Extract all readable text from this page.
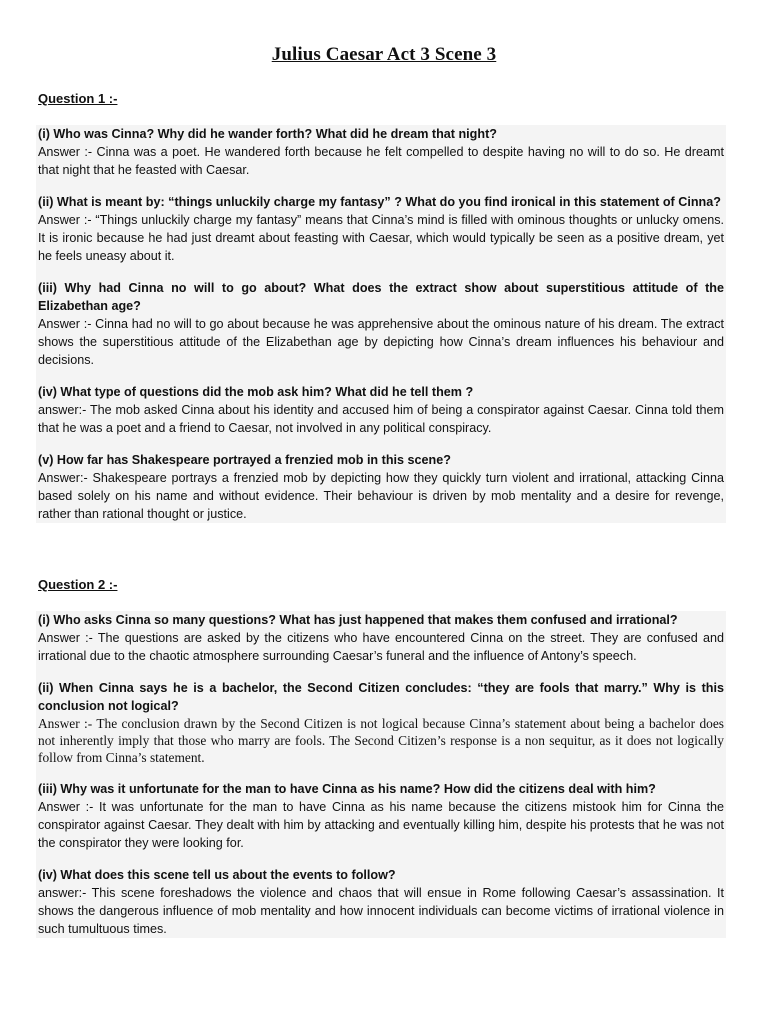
Julius Caesar Act 3 Scene 3
Question 1 :-
(i) Who was Cinna? Why did he wander forth? What did he dream that night?
Answer :- Cinna was a poet. He wandered forth because he felt compelled to despite having no will to do so. He dreamt that night that he feasted with Caesar.
(ii) What is meant by: “things unluckily charge my fantasy” ? What do you find ironical in this statement of Cinna?
Answer :- “Things unluckily charge my fantasy” means that Cinna’s mind is filled with ominous thoughts or unlucky omens. It is ironic because he had just dreamt about feasting with Caesar, which would typically be seen as a positive dream, yet he feels uneasy about it.
(iii) Why had Cinna no will to go about? What does the extract show about superstitious attitude of the Elizabethan age?
Answer :- Cinna had no will to go about because he was apprehensive about the ominous nature of his dream. The extract shows the superstitious attitude of the Elizabethan age by depicting how Cinna’s dream influences his behaviour and decisions.
(iv) What type of questions did the mob ask him? What did he tell them ?
answer:- The mob asked Cinna about his identity and accused him of being a conspirator against Caesar. Cinna told them that he was a poet and a friend to Caesar, not involved in any political conspiracy.
(v) How far has Shakespeare portrayed a frenzied mob in this scene?
Answer:- Shakespeare portrays a frenzied mob by depicting how they quickly turn violent and irrational, attacking Cinna based solely on his name and without evidence. Their behaviour is driven by mob mentality and a desire for revenge, rather than rational thought or justice.
Question 2 :-
(i) Who asks Cinna so many questions? What has just happened that makes them confused and irrational?
Answer :- The questions are asked by the citizens who have encountered Cinna on the street. They are confused and irrational due to the chaotic atmosphere surrounding Caesar’s funeral and the influence of Antony’s speech.
(ii) When Cinna says he is a bachelor, the Second Citizen concludes: “they are fools that marry.” Why is this conclusion not logical?
Answer :- The conclusion drawn by the Second Citizen is not logical because Cinna’s statement about being a bachelor does not inherently imply that those who marry are fools. The Second Citizen’s response is a non sequitur, as it does not logically follow from Cinna’s statement.
(iii) Why was it unfortunate for the man to have Cinna as his name? How did the citizens deal with him?
Answer :- It was unfortunate for the man to have Cinna as his name because the citizens mistook him for Cinna the conspirator against Caesar. They dealt with him by attacking and eventually killing him, despite his protests that he was not the conspirator they were looking for.
(iv) What does this scene tell us about the events to follow?
answer:- This scene foreshadows the violence and chaos that will ensue in Rome following Caesar’s assassination. It shows the dangerous influence of mob mentality and how innocent individuals can become victims of irrational violence in such tumultuous times.
